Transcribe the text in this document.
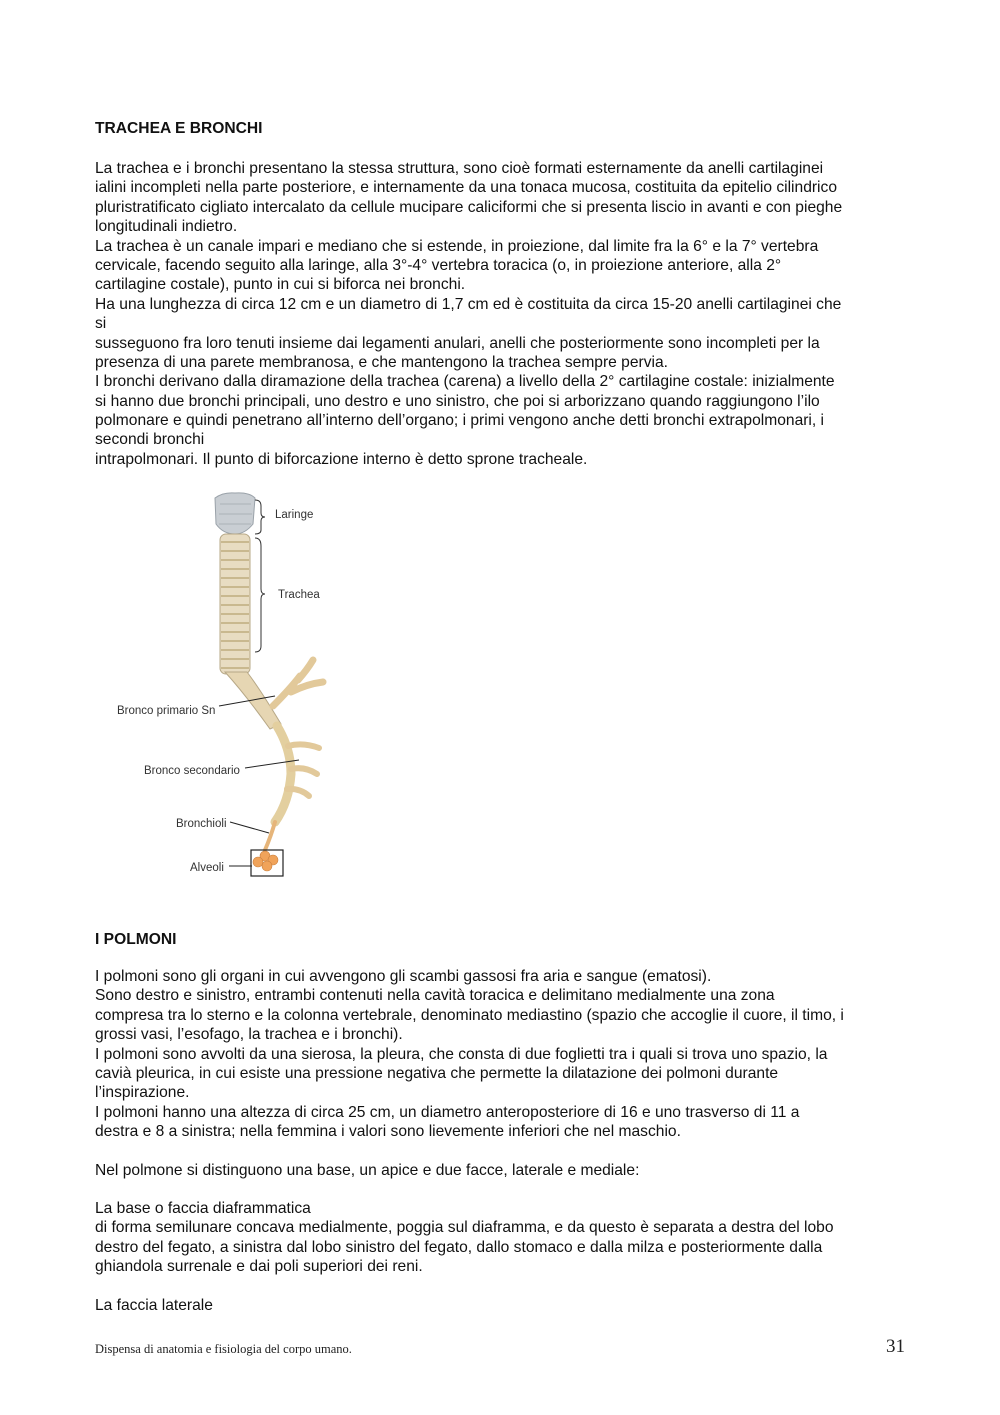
TRACHEA E BRONCHI
La trachea e i bronchi presentano la stessa struttura, sono cioè formati esternamente da anelli cartilaginei
ialini incompleti nella parte posteriore, e internamente da una tonaca mucosa, costituita da epitelio cilindrico
pluristratificato cigliato intercalato da cellule mucipare caliciformi che si presenta liscio in avanti e con pieghe
longitudinali indietro.
La trachea è un canale impari e mediano che si estende, in proiezione, dal limite fra la 6° e la 7° vertebra
cervicale, facendo seguito alla laringe, alla 3°-4° vertebra toracica (o, in proiezione anteriore, alla 2°
cartilagine costale), punto in cui si biforca nei bronchi.
Ha una lunghezza di circa 12 cm e un diametro di 1,7 cm ed è costituita da circa 15-20 anelli cartilaginei che
si
susseguono fra loro tenuti insieme dai legamenti anulari, anelli che posteriormente sono incompleti per la
presenza di una parete membranosa, e che mantengono la trachea sempre pervia.
I bronchi derivano dalla diramazione della trachea (carena) a livello della 2° cartilagine costale: inizialmente
si hanno due bronchi principali, uno destro e uno sinistro, che poi si arborizzano quando raggiungono l’ilo
polmonare e quindi penetrano all’interno dell’organo; i primi vengono anche detti bronchi extrapolmonari, i
secondi bronchi
intrapolmonari. Il punto di biforcazione interno è detto sprone tracheale.
Laringe
Trachea
Bronco primario Sn
Bronco secondario
Bronchioli
Alveoli
I POLMONI
I polmoni sono gli organi in cui avvengono gli scambi gassosi fra aria e sangue (ematosi).
Sono destro e sinistro, entrambi contenuti nella cavità toracica e delimitano medialmente una zona
compresa tra lo sterno e la colonna vertebrale, denominato mediastino (spazio che accoglie il cuore, il timo, i
grossi vasi, l’esofago, la trachea e i bronchi).
I polmoni sono avvolti da una sierosa, la pleura, che consta di due foglietti tra i quali si trova uno spazio, la
cavià pleurica, in cui esiste una pressione negativa che permette la dilatazione dei polmoni durante
l’inspirazione.
I polmoni hanno una altezza di circa 25 cm, un diametro anteroposteriore di 16 e uno trasverso di 11 a
destra e 8 a sinistra; nella femmina i valori sono lievemente inferiori che nel maschio.
Nel polmone si distinguono una base, un apice e due facce, laterale e mediale:
La base o faccia diaframmatica
di forma semilunare concava medialmente, poggia sul diaframma, e da questo è separata a destra del lobo
destro del fegato, a sinistra dal lobo sinistro del fegato, dallo stomaco e dalla milza e posteriormente dalla
ghiandola surrenale e dai poli superiori dei reni.
La faccia laterale
Dispensa di anatomia e fisiologia del corpo umano.	31
